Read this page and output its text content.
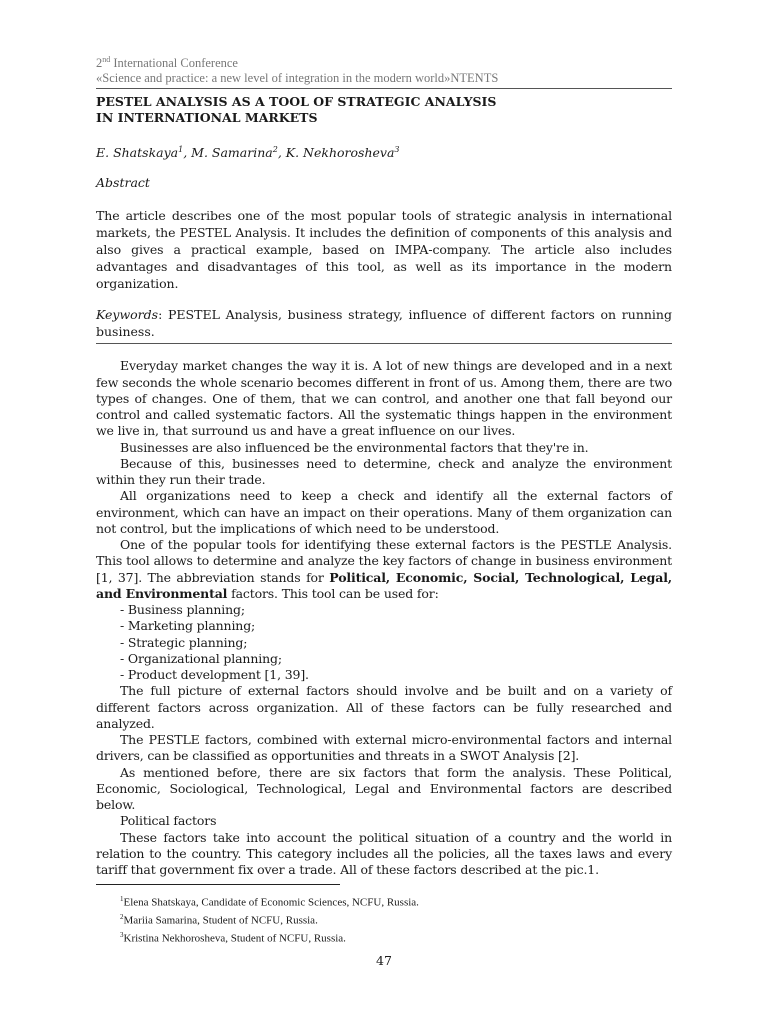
2nd International Conference
«Science and practice: a new level of integration in the modern world»NTENTS
PESTEL ANALYSIS AS A TOOL OF STRATEGIC ANALYSIS
IN INTERNATIONAL MARKETS
E. Shatskaya$^1$, M. Samarina$^2$, K. Nekhorosheva$^3$
Abstract
The article describes one of the most popular tools of strategic analysis in international markets, the PESTEL Analysis. It includes the definition of components of this analysis and also gives a practical example, based on IMPA-company. The article also includes advantages and disadvantages of this tool, as well as its importance in the modern organization.
Keywords: PESTEL Analysis, business strategy, influence of different factors on running business.

Everyday market changes the way it is. A lot of new things are developed and in a next few seconds the whole scenario becomes different in front of us. Among them, there are two types of changes. One of them, that we can control, and another one that fall beyond our control and called systematic factors. All the systematic things happen in the environment we live in, that surround us and have a great influence on our lives.

Businesses are also influenced be the environmental factors that they're in.

Because of this, businesses need to determine, check and analyze the environment within they run their trade.

All organizations need to keep a check and identify all the external factors of environment, which can have an impact on their operations. Many of them organization can not control, but the implications of which need to be understood.

One of the popular tools for identifying these external factors is the PESTLE Analysis. This tool allows to determine and analyze the key factors of change in business environment [1, 37]. The abbreviation stands for Political, Economic, Social, Technological, Legal, and Environmental factors. This tool can be used for:

- Business planning;
- Marketing planning;
- Strategic planning;
- Organizational planning;
- Product development [1, 39].

The full picture of external factors should involve and be built and on a variety of different factors across organization. All of these factors can be fully researched and analyzed.

The PESTLE factors, combined with external micro-environmental factors and internal drivers, can be classified as opportunities and threats in a SWOT Analysis [2].

As mentioned before, there are six factors that form the analysis. These Political, Economic, Sociological, Technological, Legal and Environmental factors are described below.

Political factors

These factors take into account the political situation of a country and the world in relation to the country. This category includes all the policies, all the taxes laws and every tariff that government fix over a trade. All of these factors described at the pic.1.

$^1$Elena Shatskaya, Candidate of Economic Sciences, NCFU, Russia.
$^2$Mariia Samarina, Student of NCFU, Russia.
$^3$Kristina Nekhorosheva, Student of NCFU, Russia.
47
